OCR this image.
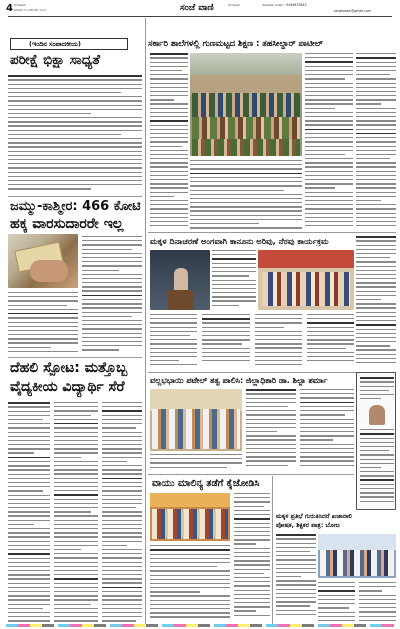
4 ಬೆಂಗಳೂರು
ಶನಿವಾರ ೧೪ ನವೆಂಬರ್ ೨೦೨೦	ಸಂಜೆ ವಾಣಿ	ಬೆಂಗಳೂರು	ಜಾಹೀರಾತು ಸಂಪರ್ಕ : 9449873643
sanjevaani@gmail.com
(ಇಂದಿನ ಸಂಪಾದಕೀಯ)
ಪರೀಕ್ಷೆ ಭಿಕ್ಷಾ ಸಾಧ್ಯತೆ
ಜಮ್ಮು-ಕಾಶ್ಮೀರ: 466 ಕೋಟಿ
ಹಕ್ಕ ವಾರಸುದಾರರೇ ಇಲ್ಲ
ದೆಹಲಿ ಸ್ಪೋಟ: ಮತ್ತೊಬ್ಬ
ವೈದ್ಯಕೀಯ ವಿದ್ಯಾರ್ಥಿ ಸೆರೆ
ಸರ್ಕಾರಿ ಶಾಲೆಗಳಲ್ಲಿ ಗುಣಮಟ್ಟದ ಶಿಕ್ಷಣ : ತಹಸೀಲ್ದಾರ್ ಪಾಟೀಲ್
ಮಕ್ಕಳ ದಿನಾಚರಣೆ ಅಂಗವಾಗಿ ಕಾನೂನು ಅರಿವು, ನೆರವು ಕಾರ್ಯಕ್ರಮ
ವಲ್ಲಭಭಾಯಿ ಪಟೇಲ್ ತತ್ವ ಪಾಲಿಸಿ: ಜಿಲ್ಲಾಧಿಕಾರಿ ಡಾ. ಶಿಲ್ಪಾ ಶರ್ಮಾ
ವಾಯು ಮಾಲಿನ್ಯ ತಡೆಗೆ ಕೈಜೋಡಿಸಿ
ಮಕ್ಕಳ ಪ್ರತಿಭೆ ಗುರುತಿಸಿದರೆ ಖಜಾನಾಲಿ
ಪೋಷಕ, ಶಿಕ್ಷಕರ ಪಾತ್ರ: ಬೋಜ
